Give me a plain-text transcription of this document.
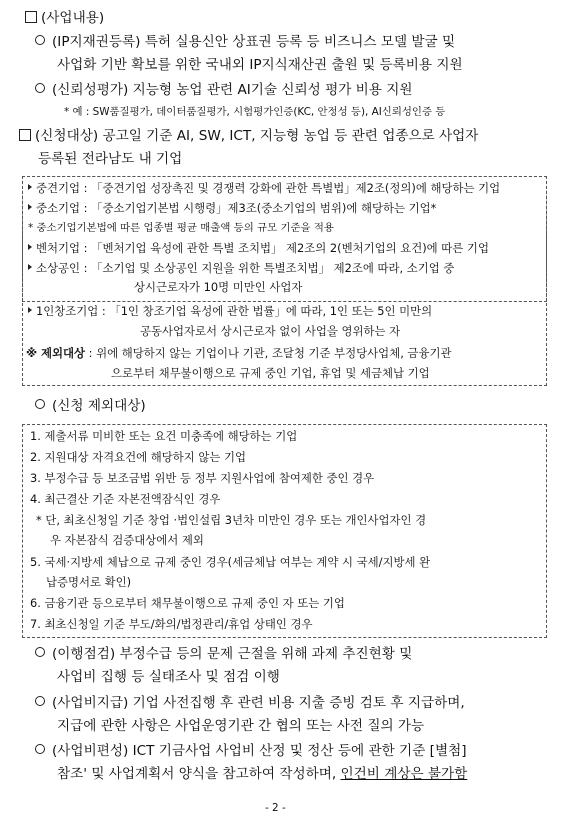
(사업내용)
(IP지재권등록) 특허 실용신안 상표권 등록 등 비즈니스 모델 발굴 및
사업화 기반 확보를 위한 국내외 IP지식재산권 출원 및 등록비용 지원
(신뢰성평가) 지능형 농업 관련 AI기술 신뢰성 평가 비용 지원
* 예 : SW품질평가, 데이터품질평가, 시험평가인증(KC, 안정성 등), AI신뢰성인증 등
(신청대상) 공고일 기준 AI, SW, ICT, 지능형 농업 등 관련 업종으로 사업자
등록된 전라남도 내 기업
중견기업 : 「중견기업 성장촉진 및 경쟁력 강화에 관한 특별법」제2조(정의)에 해당하는 기업
중소기업 : 「중소기업기본법 시행령」제3조(중소기업의 범위)에 해당하는 기업*
* 중소기업기본법에 따른 업종별 평균 매출액 등의 규모 기준을 적용
벤처기업 : 「벤처기업 육성에 관한 특별 조치법」 제2조의 2(벤처기업의 요건)에 따른 기업
소상공인 : 「소기업 및 소상공인 지원을 위한 특별조치법」 제2조에 따라, 소기업 중
상시근로자가 10명 미만인 사업자
1인창조기업 : 「1인 창조기업 육성에 관한 법률」에 따라, 1인 또는 5인 미만의
공동사업자로서 상시근로자 없이 사업을 영위하는 자
※ 제외대상 : 위에 해당하지 않는 기업이나 기관, 조달청 기준 부정당사업체, 금융기관
으로부터 채무불이행으로 규제 중인 기업, 휴업 및 세금체납 기업
(신청 제외대상)
1. 제출서류 미비한 또는 요건 미충족에 해당하는 기업
2. 지원대상 자격요건에 해당하지 않는 기업
3. 부정수급 등 보조금법 위반 등 정부 지원사업에 참여제한 중인 경우
4. 최근결산 기준 자본전액잠식인 경우
* 단, 최초신청일 기준 창업 ·법인설립 3년차 미만인 경우 또는 개인사업자인 경
우 자본잠식 검증대상에서 제외
5. 국세·지방세 체납으로 규제 중인 경우(세금체납 여부는 계약 시 국세/지방세 완
납증명서로 확인)
6. 금융기관 등으로부터 채무불이행으로 규제 중인 자 또는 기업
7. 최초신청일 기준 부도/화의/법정관리/휴업 상태인 경우
(이행점검) 부정수급 등의 문제 근절을 위해 과제 추진현황 및
사업비 집행 등 실태조사 및 점검 이행
(사업비지급) 기업 사전집행 후 관련 비용 지출 증빙 검토 후 지급하며,
지급에 관한 사항은 사업운영기관 간 협의 또는 사전 질의 가능
(사업비편성) ICT 기금사업 사업비 산정 및 정산 등에 관한 기준 [별첨]
참조' 및 사업계획서 양식을 참고하여 작성하며, 인건비 계상은 불가함
- 2 -
